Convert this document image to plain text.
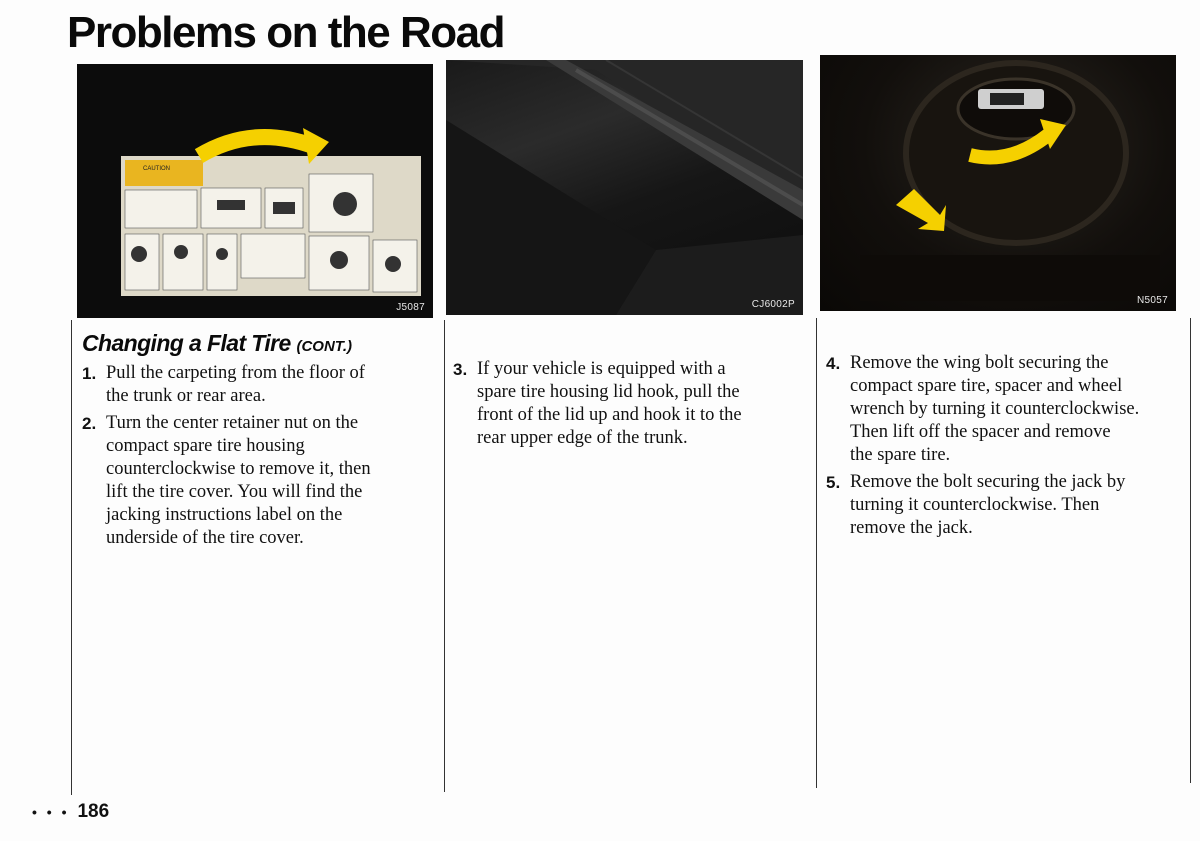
Problems on the Road
CAUTION
J5087	CJ6002P	N5057
Changing a Flat Tire (CONT.)
1. Pull the carpeting from the floor of
the trunk or rear area.
2. Turn the center retainer nut on the
compact spare tire housing
counterclockwise to remove it, then
lift the tire cover. You will find the
jacking instructions label on the
underside of the tire cover.
3. If your vehicle is equipped with a
spare tire housing lid hook, pull the
front of the lid up and hook it to the
rear upper edge of the trunk.
4. Remove the wing bolt securing the
compact spare tire, spacer and wheel
wrench by turning it counterclockwise.
Then lift off the spacer and remove
the spare tire.
5. Remove the bolt securing the jack by
turning it counterclockwise. Then
remove the jack.
• • • 186
